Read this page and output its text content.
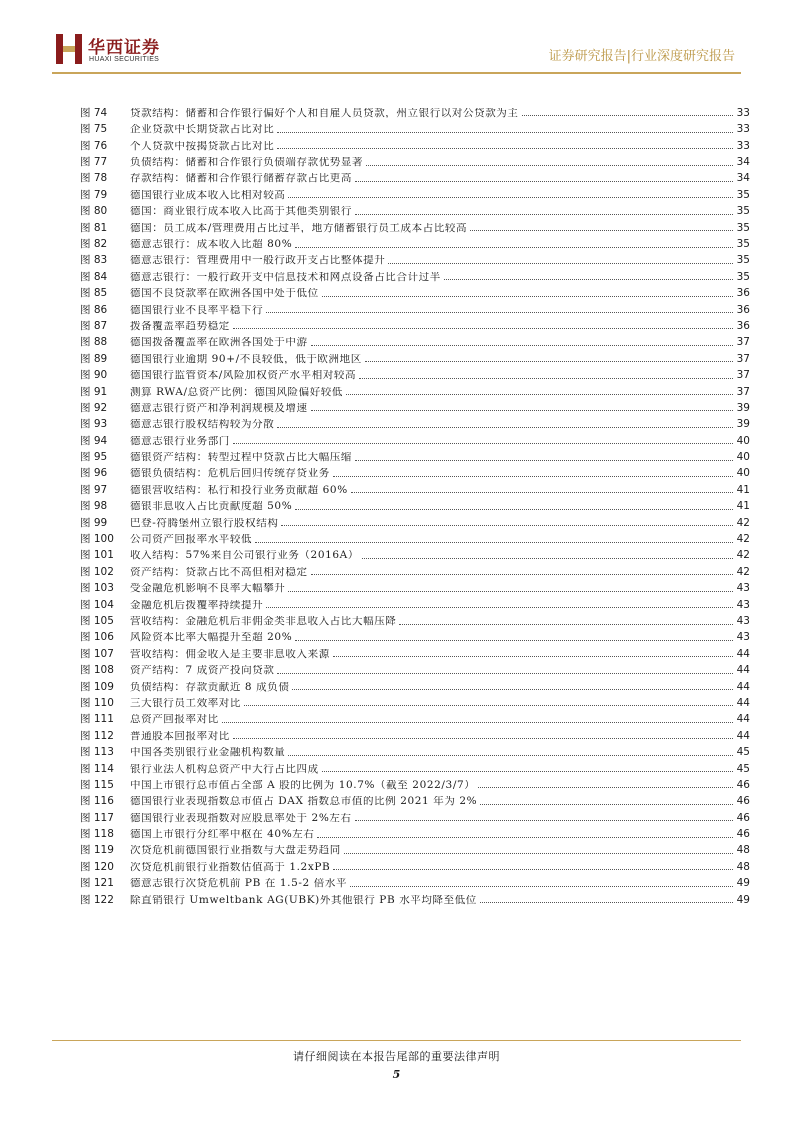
华西证券
HUAXI SECURITIES	证券研究报告|行业深度研究报告
图 74	贷款结构：储蓄和合作银行偏好个人和自雇人员贷款，州立银行以对公贷款为主	33
图 75	企业贷款中长期贷款占比对比	33
图 76	个人贷款中按揭贷款占比对比	33
图 77	负债结构：储蓄和合作银行负债端存款优势显著	34
图 78	存款结构：储蓄和合作银行储蓄存款占比更高	34
图 79	德国银行业成本收入比相对较高	35
图 80	德国：商业银行成本收入比高于其他类别银行	35
图 81	德国：员工成本/管理费用占比过半，地方储蓄银行员工成本占比较高	35
图 82	德意志银行：成本收入比超 80%	35
图 83	德意志银行：管理费用中一般行政开支占比整体提升	35
图 84	德意志银行：一般行政开支中信息技术和网点设备占比合计过半	35
图 85	德国不良贷款率在欧洲各国中处于低位	36
图 86	德国银行业不良率平稳下行	36
图 87	拨备覆盖率趋势稳定	36
图 88	德国拨备覆盖率在欧洲各国处于中游	37
图 89	德国银行业逾期 90+/不良较低，低于欧洲地区	37
图 90	德国银行监管资本/风险加权资产水平相对较高	37
图 91	测算 RWA/总资产比例：德国风险偏好较低	37
图 92	德意志银行资产和净利润规模及增速	39
图 93	德意志银行股权结构较为分散	39
图 94	德意志银行业务部门	40
图 95	德银资产结构：转型过程中贷款占比大幅压缩	40
图 96	德银负债结构：危机后回归传统存贷业务	40
图 97	德银营收结构：私行和投行业务贡献超 60%	41
图 98	德银非息收入占比贡献度超 50%	41
图 99	巴登-符腾堡州立银行股权结构	42
图 100	公司资产回报率水平较低	42
图 101	收入结构：57%来自公司银行业务（2016A）	42
图 102	资产结构：贷款占比不高但相对稳定	42
图 103	受金融危机影响不良率大幅攀升	43
图 104	金融危机后拨覆率持续提升	43
图 105	营收结构：金融危机后非佣金类非息收入占比大幅压降	43
图 106	风险资本比率大幅提升至超 20%	43
图 107	营收结构：佣金收入是主要非息收入来源	44
图 108	资产结构：7 成资产投向贷款	44
图 109	负债结构：存款贡献近 8 成负债	44
图 110	三大银行员工效率对比	44
图 111	总资产回报率对比	44
图 112	普通股本回报率对比	44
图 113	中国各类别银行业金融机构数量	45
图 114	银行业法人机构总资产中大行占比四成	45
图 115	中国上市银行总市值占全部 A 股的比例为 10.7%（截至 2022/3/7）	46
图 116	德国银行业表现指数总市值占 DAX 指数总市值的比例 2021 年为 2%	46
图 117	德国银行业表现指数对应股息率处于 2%左右	46
图 118	德国上市银行分红率中枢在 40%左右	46
图 119	次贷危机前德国银行业指数与大盘走势趋同	48
图 120	次贷危机前银行业指数估值高于 1.2xPB	48
图 121	德意志银行次贷危机前 PB 在 1.5-2 倍水平	49
图 122	除直销银行 Umweltbank AG(UBK)外其他银行 PB 水平均降至低位	49
请仔细阅读在本报告尾部的重要法律声明
5
